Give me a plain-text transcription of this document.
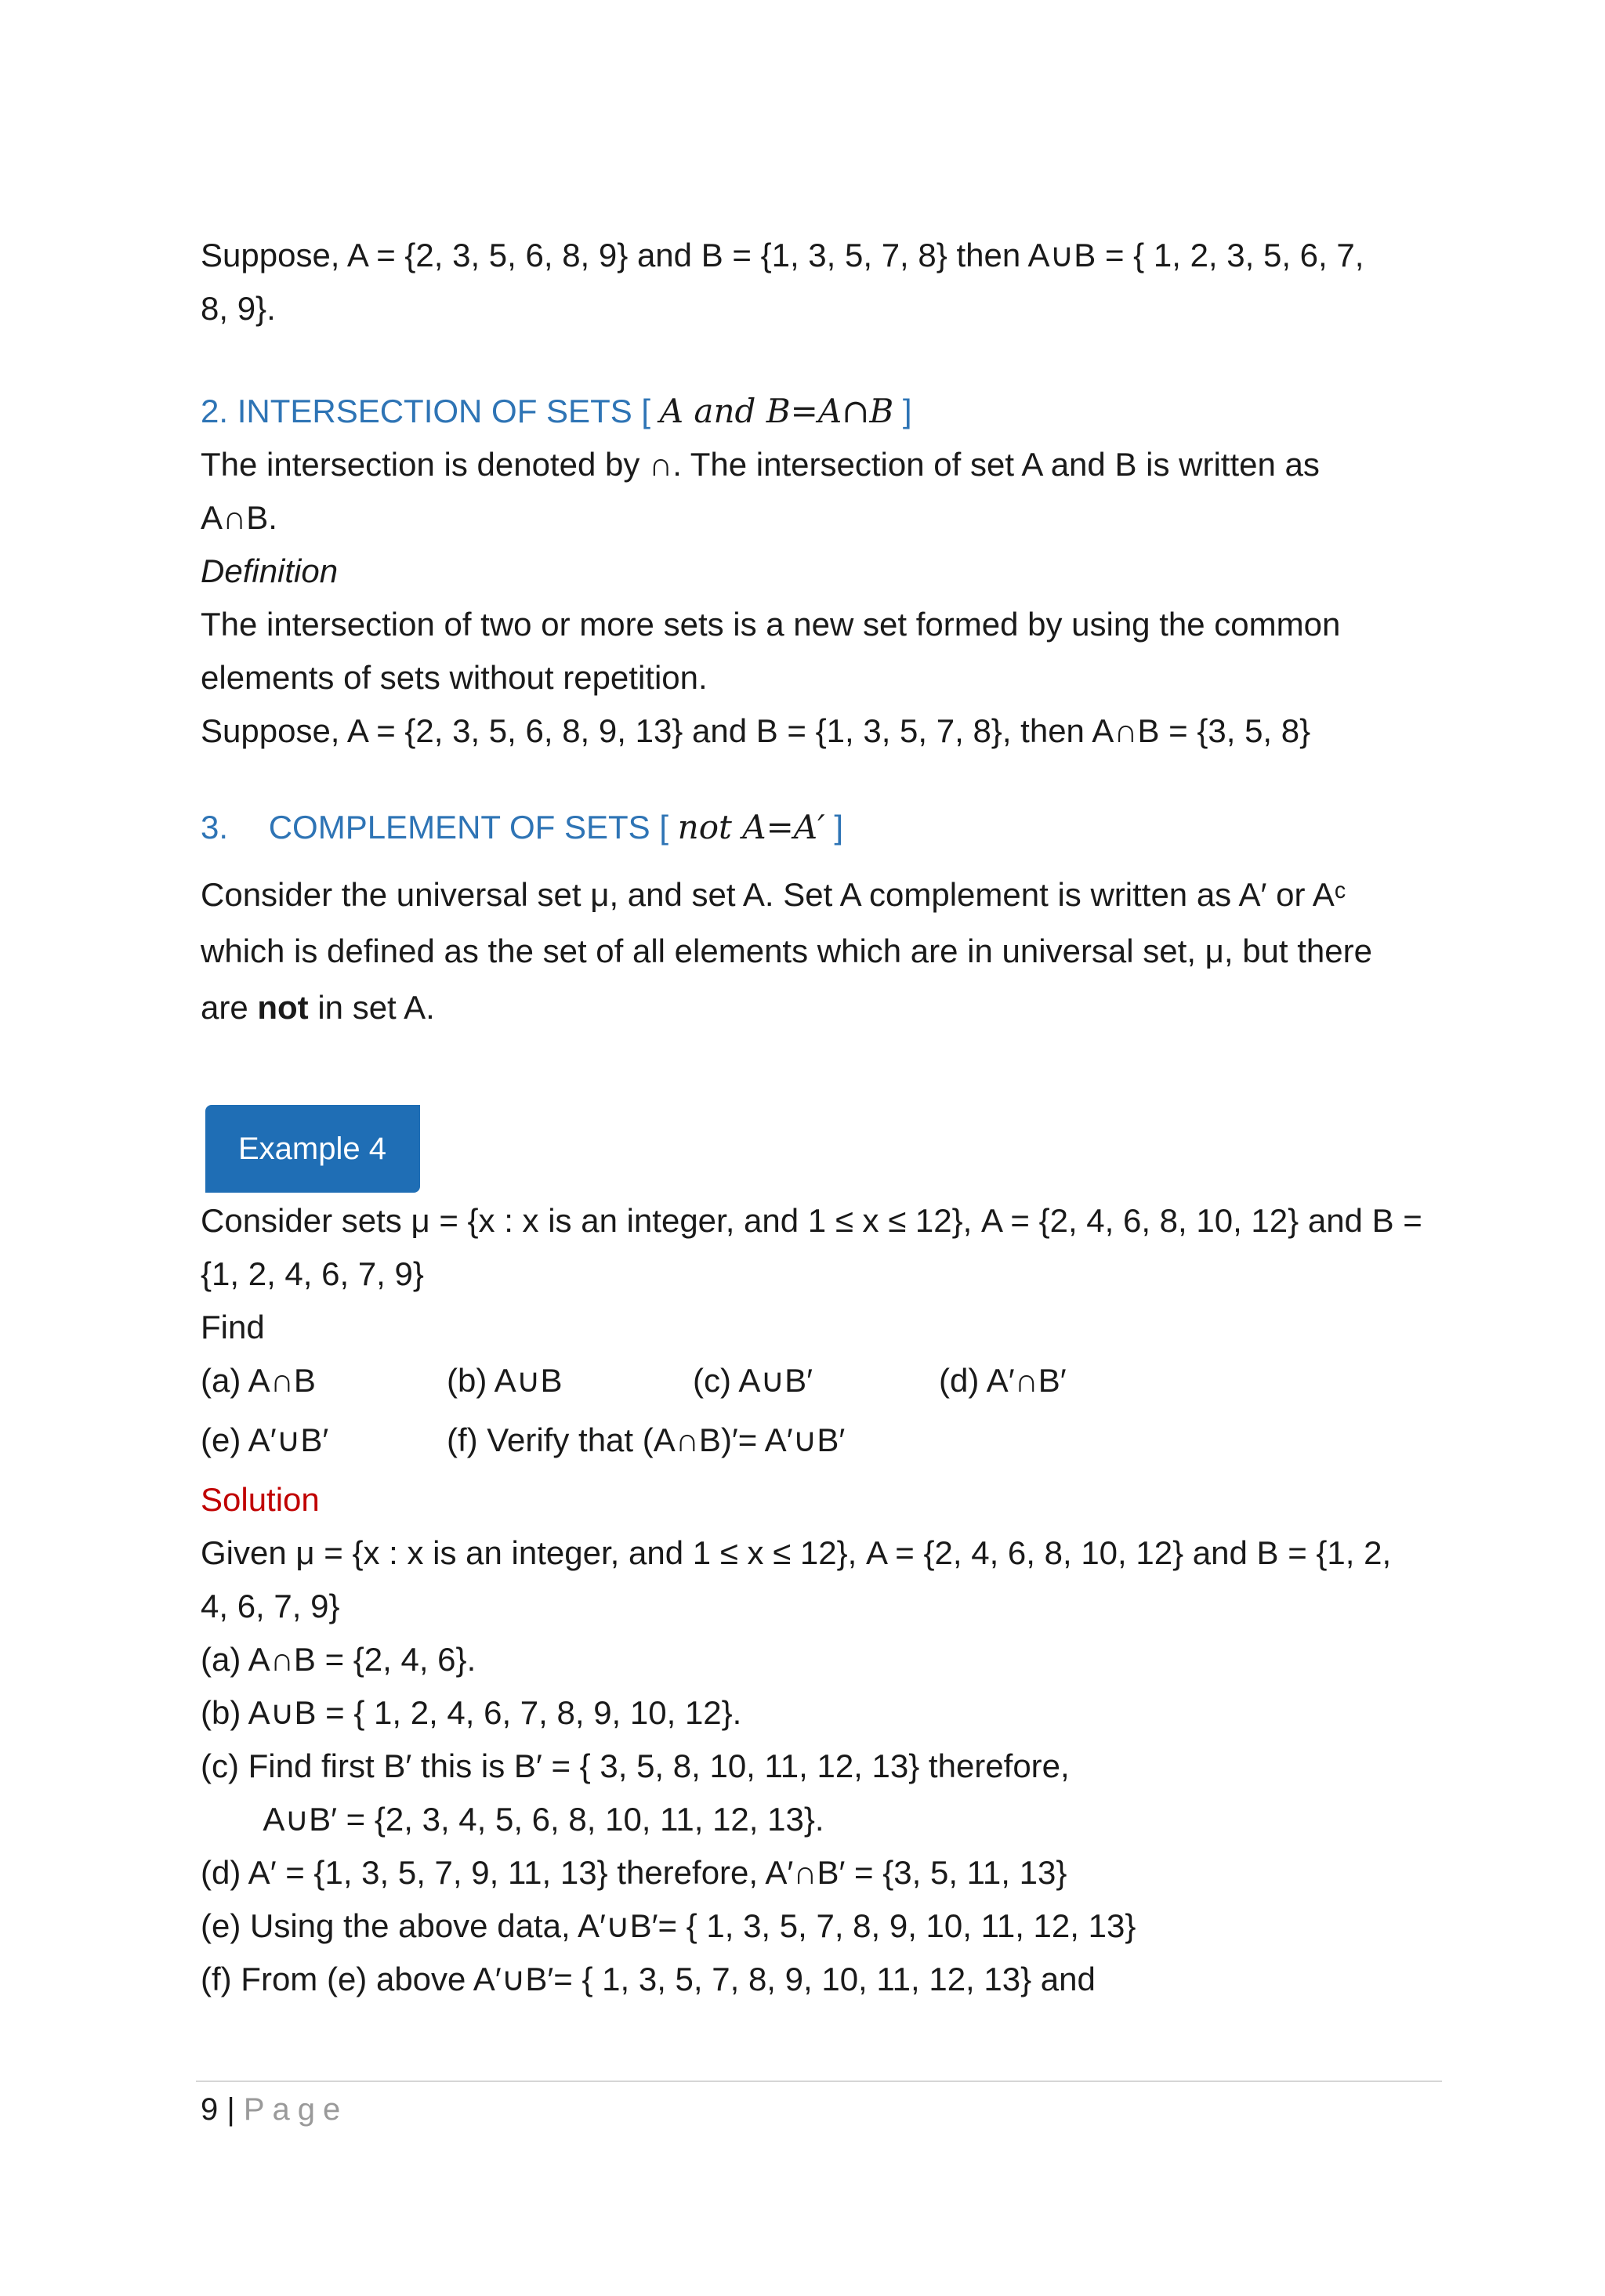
Suppose, A = {2, 3, 5, 6, 8, 9} and B = {1, 3, 5, 7, 8} then A∪B = { 1, 2, 3, 5, 6, 7,
8, 9}.
2. INTERSECTION OF SETS [ A and B=A∩B ]
The intersection is denoted by ∩. The intersection of set A and B is written as
A∩B.
Definition
The intersection of two or more sets is a new set formed by using the common
elements of sets without repetition.
Suppose, A = {2, 3, 5, 6, 8, 9, 13} and B = {1, 3, 5, 7, 8}, then A∩B = {3, 5, 8}
3. COMPLEMENT OF SETS [ not A=A′ ]
Consider the universal set μ, and set A. Set A complement is written as A′ or Aᶜ
which is defined as the set of all elements which are in universal set, μ, but there
are not in set A.
Example 4
Consider sets μ = {x : x is an integer, and 1 ≤ x ≤ 12}, A = {2, 4, 6, 8, 10, 12} and B =
{1, 2, 4, 6, 7, 9}
Find
(a) A∩B	(b) A∪B	(c) A∪B′	(d) A′∩B′
(e) A′∪B′	(f) Verify that (A∩B)′= A′∪B′
Solution
Given μ = {x : x is an integer, and 1 ≤ x ≤ 12}, A = {2, 4, 6, 8, 10, 12} and B = {1, 2,
4, 6, 7, 9}
(a) A∩B = {2, 4, 6}.
(b) A∪B = { 1, 2, 4, 6, 7, 8, 9, 10, 12}.
(c) Find first B′ this is B′ = { 3, 5, 8, 10, 11, 12, 13} therefore,
A∪B′ = {2, 3, 4, 5, 6, 8, 10, 11, 12, 13}.
(d) A′ = {1, 3, 5, 7, 9, 11, 13} therefore, A′∩B′ = {3, 5, 11, 13}
(e) Using the above data, A′∪B′= { 1, 3, 5, 7, 8, 9, 10, 11, 12, 13}
(f) From (e) above A′∪B′= { 1, 3, 5, 7, 8, 9, 10, 11, 12, 13} and
9 | Page
